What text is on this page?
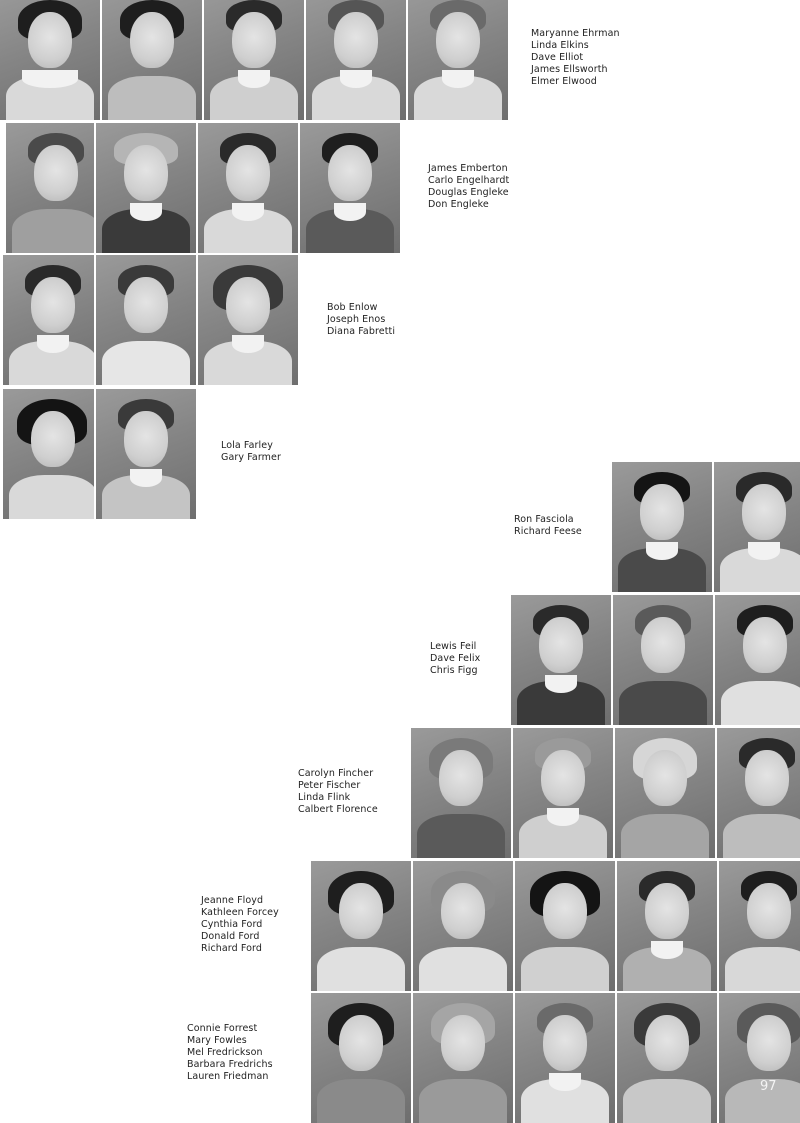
Maryanne Ehrman
Linda Elkins
Dave Elliot
James Ellsworth
Elmer Elwood
James Emberton
Carlo Engelhardt
Douglas Engleke
Don Engleke
Bob Enlow
Joseph Enos
Diana Fabretti
Lola Farley
Gary Farmer
Ron Fasciola
Richard Feese
Lewis Feil
Dave Felix
Chris Figg
Carolyn Fincher
Peter Fischer
Linda Flink
Calbert Florence
Jeanne Floyd
Kathleen Forcey
Cynthia Ford
Donald Ford
Richard Ford
Connie Forrest
Mary Fowles
Mel Fredrickson
Barbara Fredrichs
Lauren Friedman
97
